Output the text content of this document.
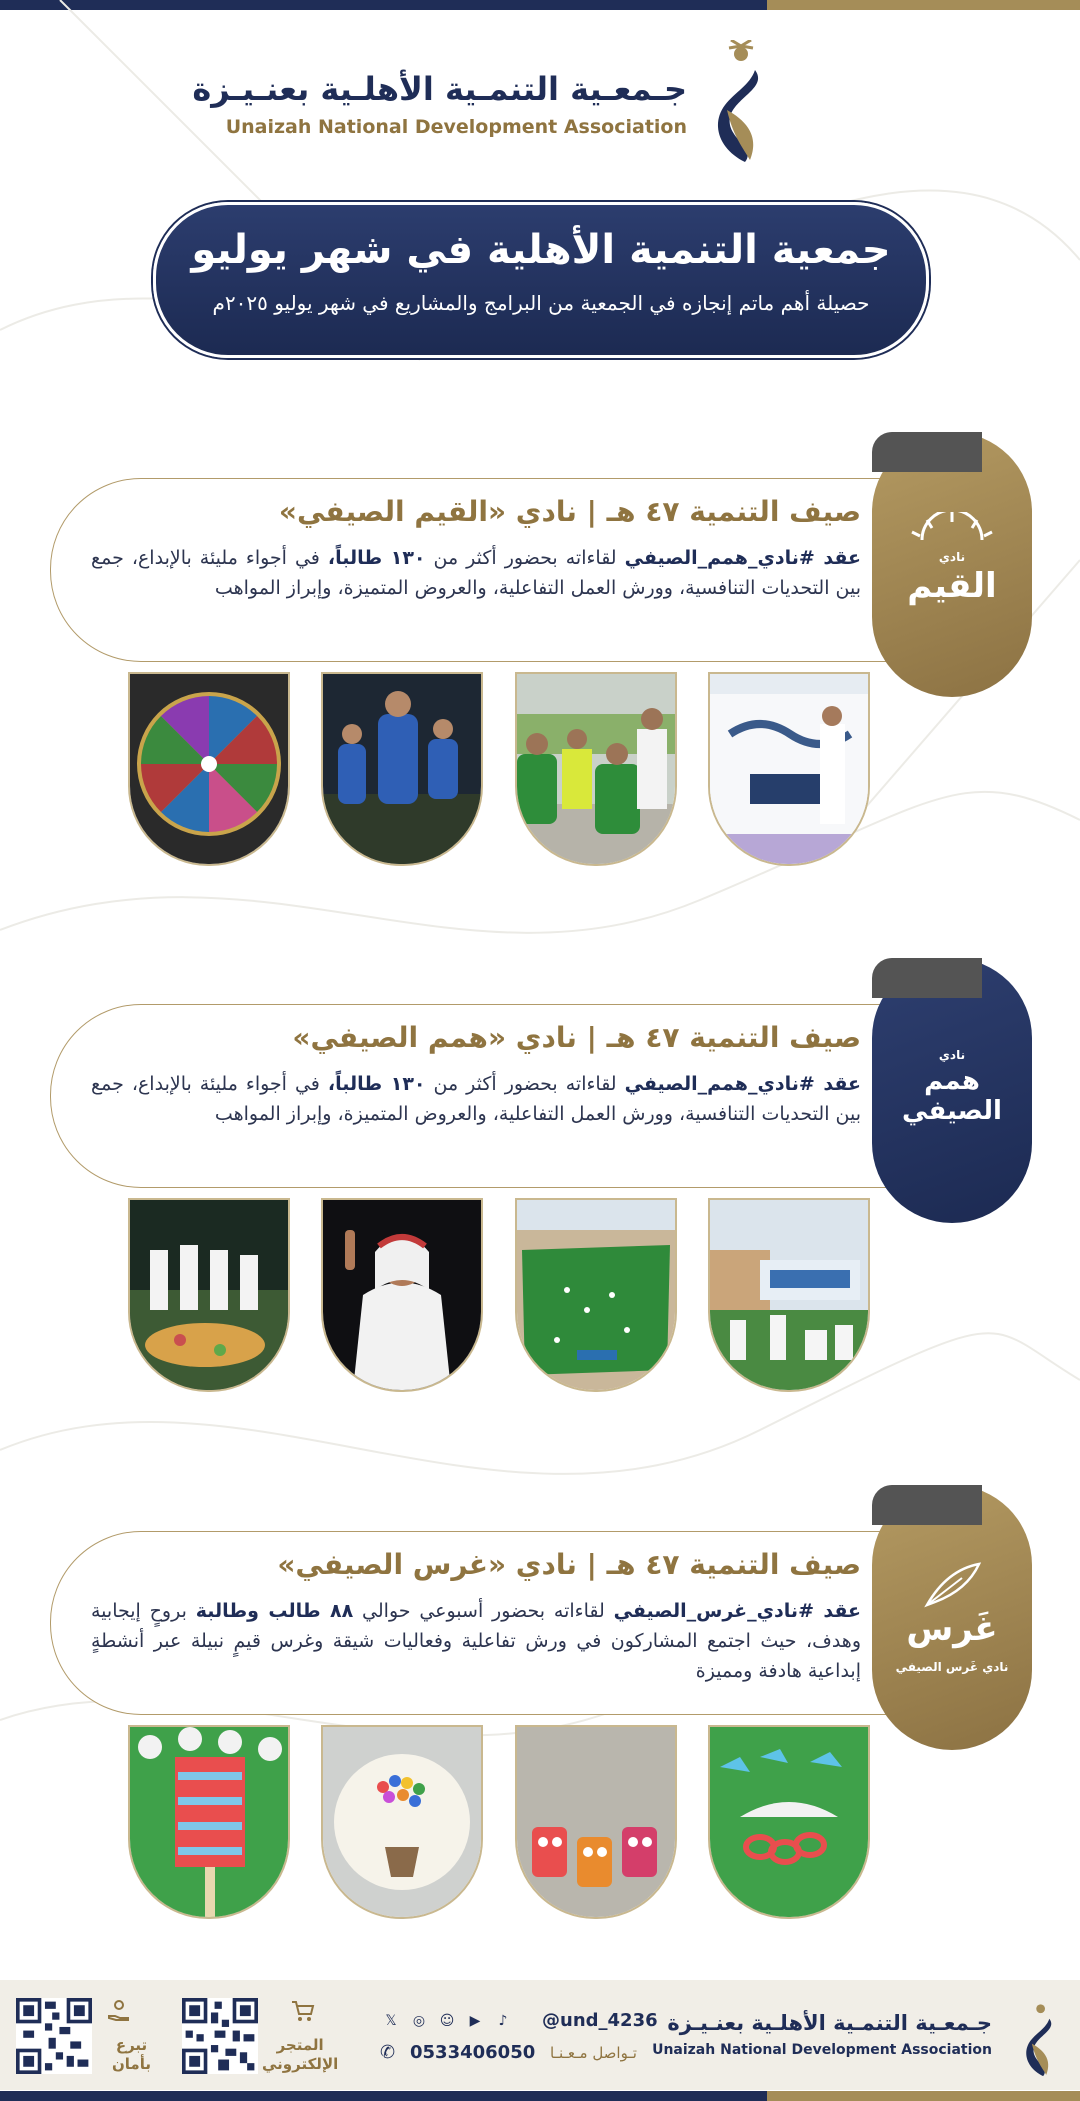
جـمعـية التنمـية الأهلـية بعنـيـزة
Unaizah National Development Association
جمعية التنمية الأهلية في شهر يوليو
حصيلة أهم ماتم إنجازه في الجمعية من البرامج والمشاريع في شهر يوليو ٢٠٢٥م
صيف التنمية ٤٧ هـ | نادي «القيم الصيفي»
عقد #نادي_همم_الصيفي لقاءاته بحضور أكثر من ١٣٠ طالباً، في أجواء مليئة بالإبداع، جمع بين التحديات التنافسية، وورش العمل التفاعلية، والعروض المتميزة، وإبراز المواهب
نادي
القيم
صيف التنمية ٤٧ هـ | نادي «همم الصيفي»
عقد #نادي_همم_الصيفي لقاءاته بحضور أكثر من ١٣٠ طالباً، في أجواء مليئة بالإبداع، جمع بين التحديات التنافسية، وورش العمل التفاعلية، والعروض المتميزة، وإبراز المواهب
نادي
همم الصيفي
صيف التنمية ٤٧ هـ | نادي «غرس الصيفي»
عقد #نادي_غرس_الصيفي لقاءاته بحضور أسبوعي حوالي ٨٨ طالب وطالبة بروحٍ إيجابية وهدف، حيث اجتمع المشاركون في ورش تفاعلية وفعاليات شيقة وغرس قيمٍ نبيلة عبر أنشطةٍ إبداعية هادفة ومميزة
غَرس
نادي غَرس الصيفي
جـمعـية التنمـية الأهلـية بعنـيـزة
Unaizah National Development Association
@und_4236
𝕏 ◎ ☺ ▶ ♪
✆ 0533406050 تـواصل مـعـنـا
المتجر
الإلكتروني
تبرع
بأمان
